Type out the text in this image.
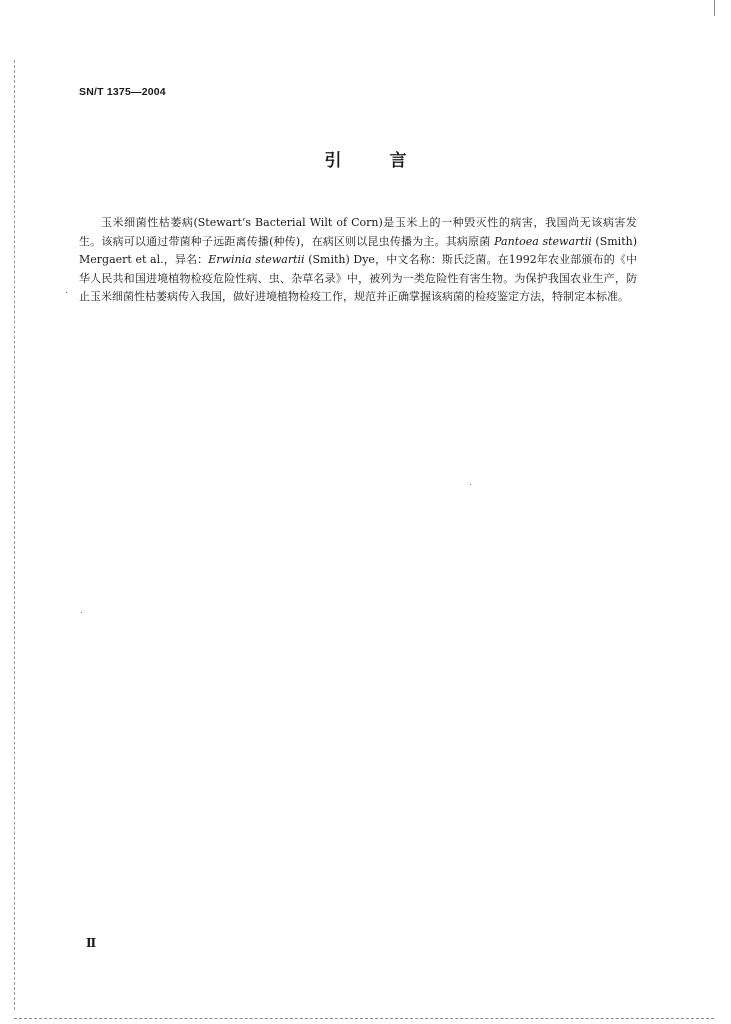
SN/T 1375—2004
引	言

玉米细菌性枯萎病(Stewart’s Bacterial Wilt of Corn)是玉米上的一种毁灭性的病害，我国尚无该病害发生。该病可以通过带菌种子远距离传播(种传)，在病区则以昆虫传播为主。其病原菌 Pantoea stewartii (Smith) Mergaert et al.，异名：Erwinia stewartii (Smith) Dye，中文名称：斯氏泛菌。在1992年农业部颁布的《中华人民共和国进境植物检疫危险性病、虫、杂草名录》中，被列为一类危险性有害生物。为保护我国农业生产，防止玉米细菌性枯萎病传入我国，做好进境植物检疫工作，规范并正确掌握该病菌的检疫鉴定方法，特制定本标准。

Ⅱ
